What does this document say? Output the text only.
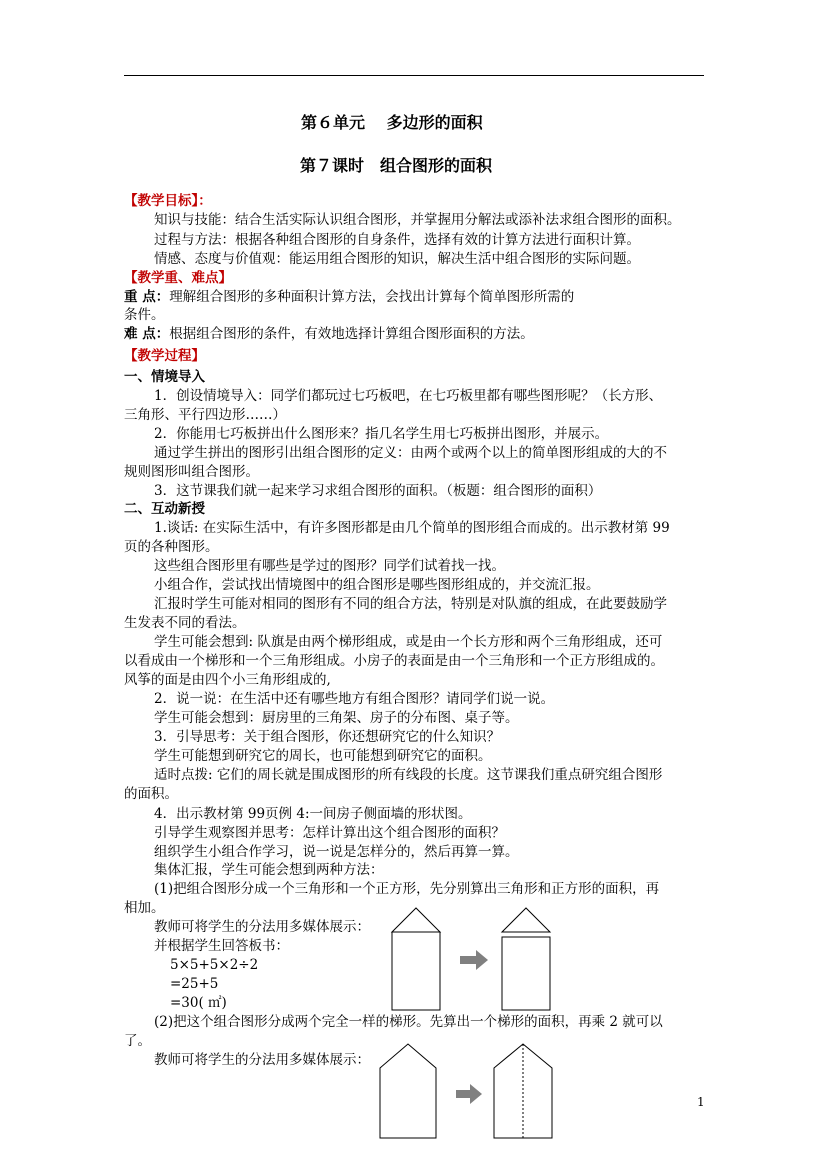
第６单元　 多边形的面积
第７课时　组合图形的面积
【教学目标】：
知识与技能：结合生活实际认识组合图形，并掌握用分解法或添补法求组合图形的面积。
过程与方法：根据各种组合图形的自身条件，选择有效的计算方法进行面积计算。
情感、态度与价值观：能运用组合图形的知识，解决生活中组合图形的实际问题。
【教学重、难点】
重 点：理解组合图形的多种面积计算方法，会找出计算每个简单图形所需的
条件。
难 点：根据组合图形的条件，有效地选择计算组合图形面积的方法。
【教学过程】
一、情境导入
1．创设情境导入：同学们都玩过七巧板吧，在七巧板里都有哪些图形呢？（长方形、
三角形、平行四边形……）
2．你能用七巧板拼出什么图形来？指几名学生用七巧板拼出图形，并展示。
通过学生拼出的图形引出组合图形的定义：由两个或两个以上的简单图形组成的大的不
规则图形叫组合图形。
3．这节课我们就一起来学习求组合图形的面积。（板题：组合图形的面积）
二、互动新授
1.谈话: 在实际生活中，有许多图形都是由几个简单的图形组合而成的。出示教材第 99
页的各种图形。
这些组合图形里有哪些是学过的图形？同学们试着找一找。
小组合作，尝试找出情境图中的组合图形是哪些图形组成的，并交流汇报。
汇报时学生可能对相同的图形有不同的组合方法，特别是对队旗的组成，在此要鼓励学
生发表不同的看法。
学生可能会想到: 队旗是由两个梯形组成，或是由一个长方形和两个三角形组成，还可
以看成由一个梯形和一个三角形组成。小房子的表面是由一个三角形和一个正方形组成的。
风筝的面是由四个小三角形组成的,
2．说一说：在生活中还有哪些地方有组合图形？请同学们说一说。
学生可能会想到：厨房里的三角架、房子的分布图、桌子等。
3．引导思考：关于组合图形，你还想研究它的什么知识？
学生可能想到研究它的周长，也可能想到研究它的面积。
适时点拨: 它们的周长就是围成图形的所有线段的长度。这节课我们重点研究组合图形
的面积。
4．出示教材第 99页例 4:一间房子侧面墙的形状图。
引导学生观察图并思考：怎样计算出这个组合图形的面积？
组织学生小组合作学习，说一说是怎样分的，然后再算一算。
集体汇报，学生可能会想到两种方法：
(1)把组合图形分成一个三角形和一个正方形，先分别算出三角形和正方形的面积，再
相加。
教师可将学生的分法用多媒体展示：
并根据学生回答板书：
5×5+5×2÷2
=25+5
=30( ㎡)
(2)把这个组合图形分成两个完全一样的梯形。先算出一个梯形的面积，再乘 2 就可以
了。
教师可将学生的分法用多媒体展示：
1
